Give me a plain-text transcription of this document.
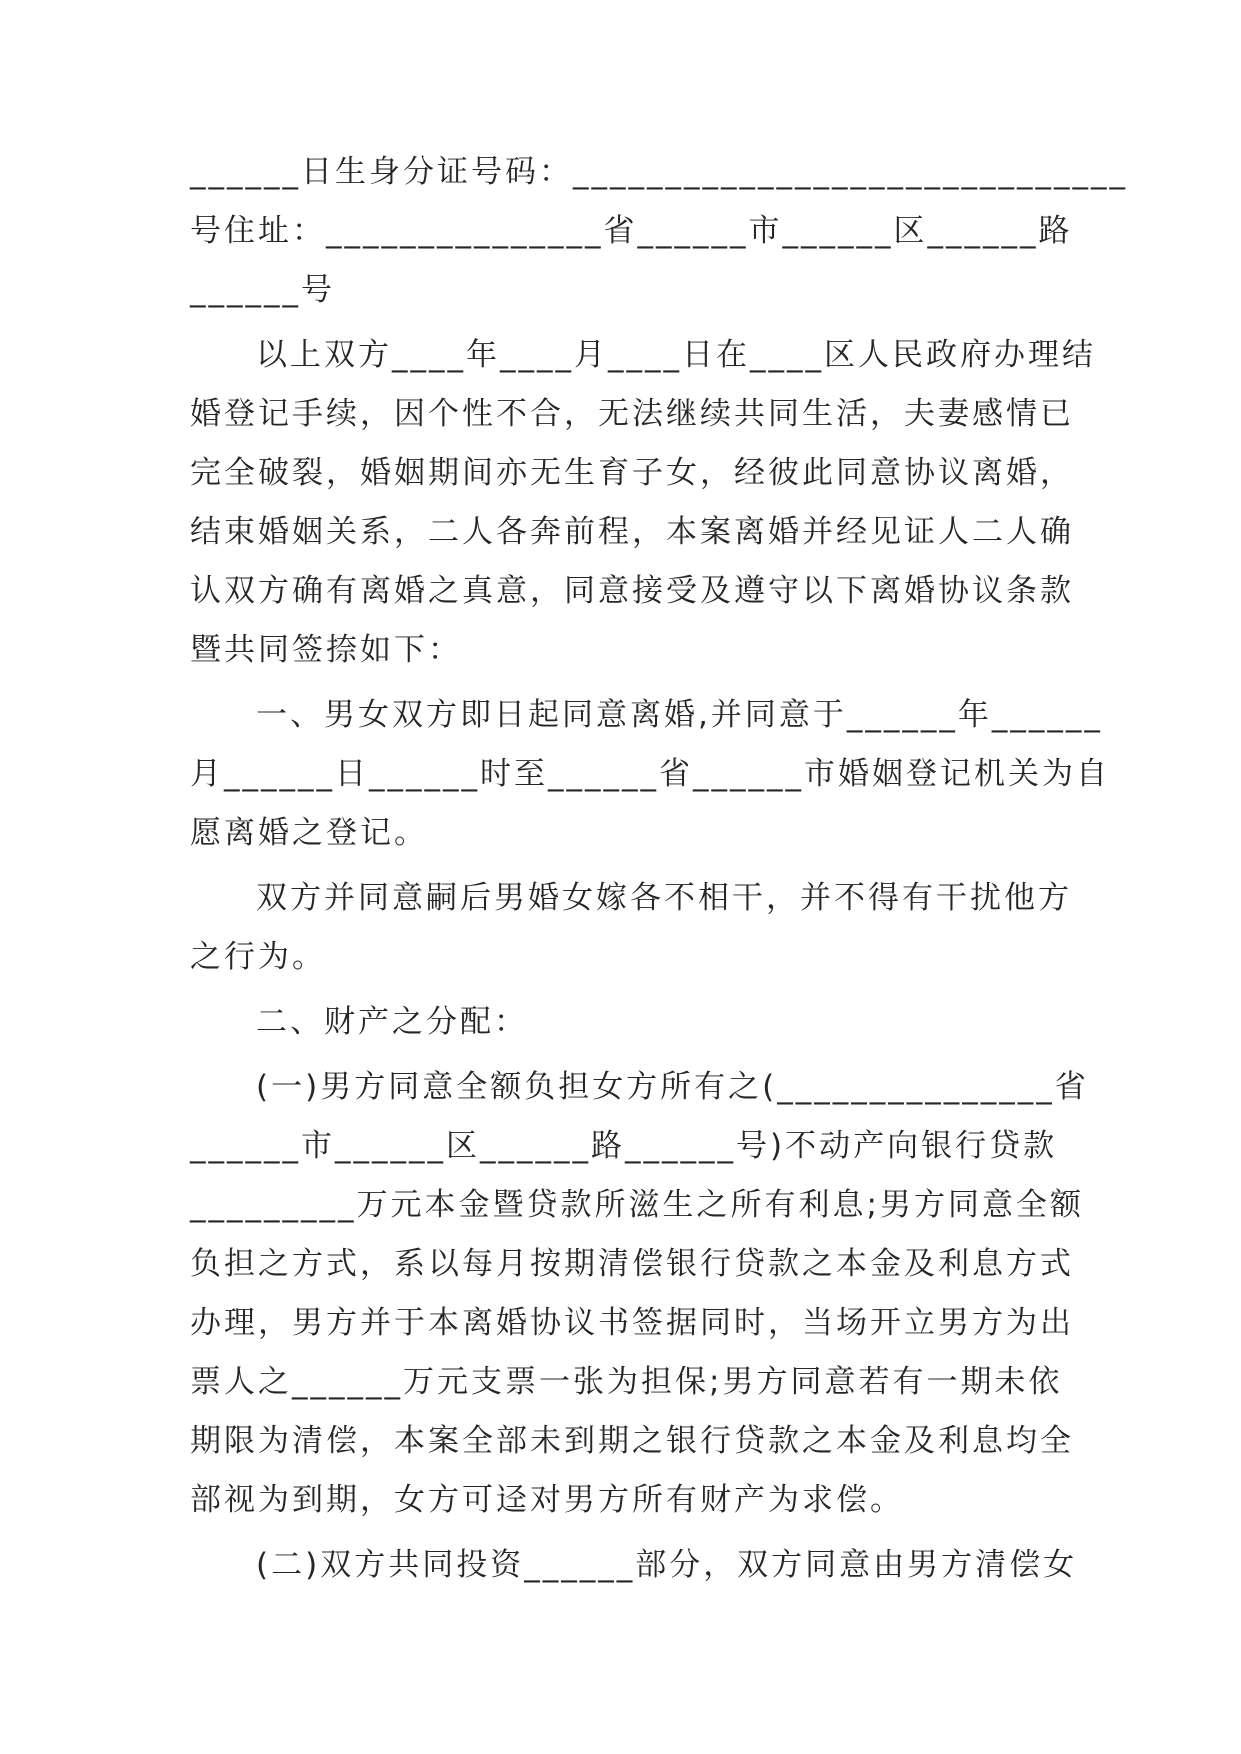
______日生身分证号码：______________________________
号住址：_______________省______市______区______路
______号
以上双方____年____月____日在____区人民政府办理结
婚登记手续，因个性不合，无法继续共同生活，夫妻感情已
完全破裂，婚姻期间亦无生育子女，经彼此同意协议离婚，
结束婚姻关系，二人各奔前程，本案离婚并经见证人二人确
认双方确有离婚之真意，同意接受及遵守以下离婚协议条款
暨共同签捺如下：
一、男女双方即日起同意离婚,并同意于______年______
月______日______时至______省______市婚姻登记机关为自
愿离婚之登记。
双方并同意嗣后男婚女嫁各不相干，并不得有干扰他方
之行为。
二、财产之分配：
(一)男方同意全额负担女方所有之(_______________省
______市______区______路______号)不动产向银行贷款
_________万元本金暨贷款所滋生之所有利息;男方同意全额
负担之方式，系以每月按期清偿银行贷款之本金及利息方式
办理，男方并于本离婚协议书签据同时，当场开立男方为出
票人之______万元支票一张为担保;男方同意若有一期未依
期限为清偿，本案全部未到期之银行贷款之本金及利息均全
部视为到期，女方可迳对男方所有财产为求偿。
(二)双方共同投资______部分，双方同意由男方清偿女
